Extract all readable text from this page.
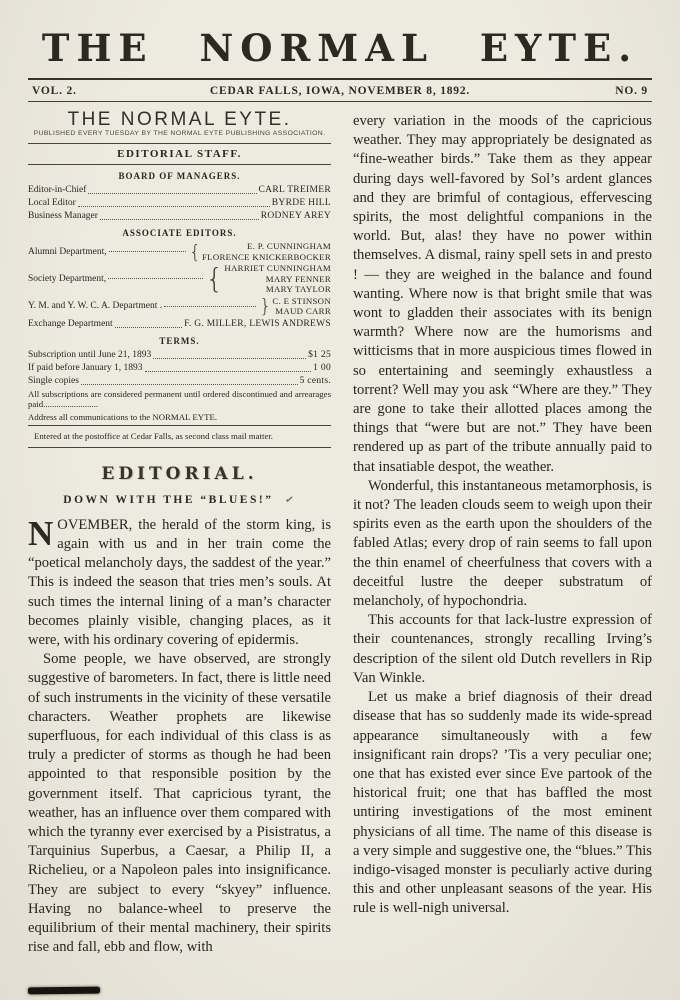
THE NORMAL EYTE.
VOL. 2.	CEDAR FALLS, IOWA, NOVEMBER 8, 1892.	NO. 9
THE NORMAL EYTE.
PUBLISHED EVERY TUESDAY BY THE NORMAL EYTE PUBLISHING ASSOCIATION.
EDITORIAL STAFF.
BOARD OF MANAGERS.
Editor-in-Chief	CARL TREIMER
Local Editor	BYRDE HILL
Business Manager	RODNEY AREY
ASSOCIATE EDITORS.
Alumni Department,	{	E. P. CUNNINGHAM
FLORENCE KNICKERBOCKER
Society Department,	{ HARRIET CUNNINGHAM
MARY FENNER
MARY TAYLOR
Y. M. and Y. W. C. A. Department .	} C. E STINSON
MAUD CARR
Exchange Department	F. G. MILLER, LEWIS ANDREWS
TERMS.
Subscription until June 21, 1893	$1 25
If paid before January 1, 1893	1 00
Single copies	5 cents.
All subscriptions are considered permanent until ordered discontinued and arrearages paid.........................
Address all communications to the NORMAL EYTE.
Entered at the postoffice at Cedar Falls, as second class mail matter.
EDITORIAL.
DOWN WITH THE “BLUES!” ✓

NOVEMBER, the herald of the storm king, is again with us and in her train come the “poetical melancholy days, the saddest of the year.” This is indeed the season that tries men’s souls. At such times the internal lining of a man’s character becomes plainly visible, changing places, as it were, with his ordinary covering of epidermis.

Some people, we have observed, are strongly suggestive of barometers. In fact, there is little need of such instruments in the vicinity of these versatile characters. Weather prophets are likewise superfluous, for each individual of this class is as truly a predicter of storms as though he had been appointed to that responsible position by the government itself. That capricious tyrant, the weather, has an influence over them compared with which the tyranny ever exercised by a Pisistratus, a Tarquinius Superbus, a Caesar, a Philip II, a Richelieu, or a Napoleon pales into insignificance. They are subject to every “skyey” influence. Having no balance-wheel to preserve the equilibrium of their mental machinery, their spirits rise and fall, ebb and flow, with

every variation in the moods of the capricious weather. They may appropriately be designated as “fine-weather birds.” Take them as they appear during days well-favored by Sol’s ardent glances and they are brimful of contagious, effervescing spirits, the most delightful companions in the world. But, alas! they have no power within themselves. A dismal, rainy spell sets in and presto ! — they are weighed in the balance and found wanting. Where now is that bright smile that was wont to gladden their associates with its benign warmth? Where now are the humorisms and witticisms that in more auspicious times flowed in so entertaining and seemingly exhaustless a torrent? Well may you ask “Where are they.” They are gone to take their allotted places among the things that “were but are not.” They have been rendered up as part of the tribute annually paid to that insatiable despot, the weather.

Wonderful, this instantaneous metamorphosis, is it not? The leaden clouds seem to weigh upon their spirits even as the earth upon the shoulders of the fabled Atlas; every drop of rain seems to fall upon the thin enamel of cheerfulness that covers with a deceitful lustre the deeper substratum of melancholy, of hypochondria.

This accounts for that lack-lustre expression of their countenances, strongly recalling Irving’s description of the silent old Dutch revellers in Rip Van Winkle.

Let us make a brief diagnosis of their dread disease that has so suddenly made its wide-spread appearance simultaneously with a few insignificant rain drops? ’Tis a very peculiar one; one that has existed ever since Eve partook of the historical fruit; one that has baffled the most untiring investigations of the most eminent physicians of all time. The name of this disease is a very simple and suggestive one, the “blues.” This indigo-visaged monster is peculiarly active during this and other unpleasant seasons of the year. His rule is well-nigh universal.
